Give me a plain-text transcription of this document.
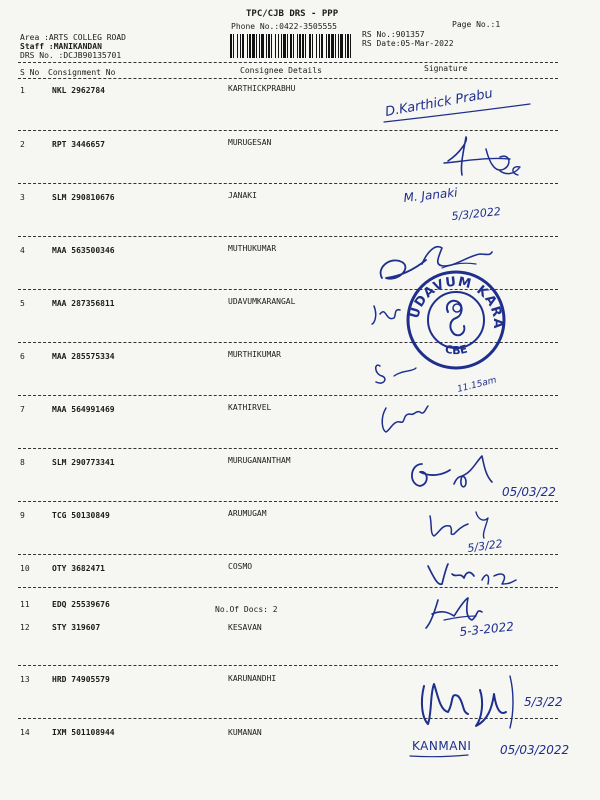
TPC/CJB DRS - PPP
Phone No.:0422-3505555
Area :ARTS COLLEG ROAD
Staff :MANIKANDAN
DRS No. :DCJB90135701
RS No.:901357
RS Date:05-Mar-2022
Page No.:1
S No Consignment No	Consignee Details	Signature
1	NKL 2962784	KARTHICKPRABHU
2	RPT 3446657	MURUGESAN
3	SLM 290810676	JANAKI
4	MAA 563500346	MUTHUKUMAR
5	MAA 287356811	UDAVUMKARANGAL
6	MAA 285575334	MURTHIKUMAR
7	MAA 564991469	KATHIRVEL
8	SLM 290773341	MURUGANANTHAM
9	TCG 50130849	ARUMUGAM
10	OTY 3682471	COSMO
11	EDQ 25539676
No.Of Docs: 2
12	STY 319607	KESAVAN
13	HRD 74905579	KARUNANDHI
14	IXM 501108944	KUMANAN
D.Karthick Prabu
M. Janaki
5/3/2022
UDAVUM KARANGAL
CBE
11.15am
05/03/22
5/3/22
5-3-2022
5/3/22
KANMANI 05/03/2022
